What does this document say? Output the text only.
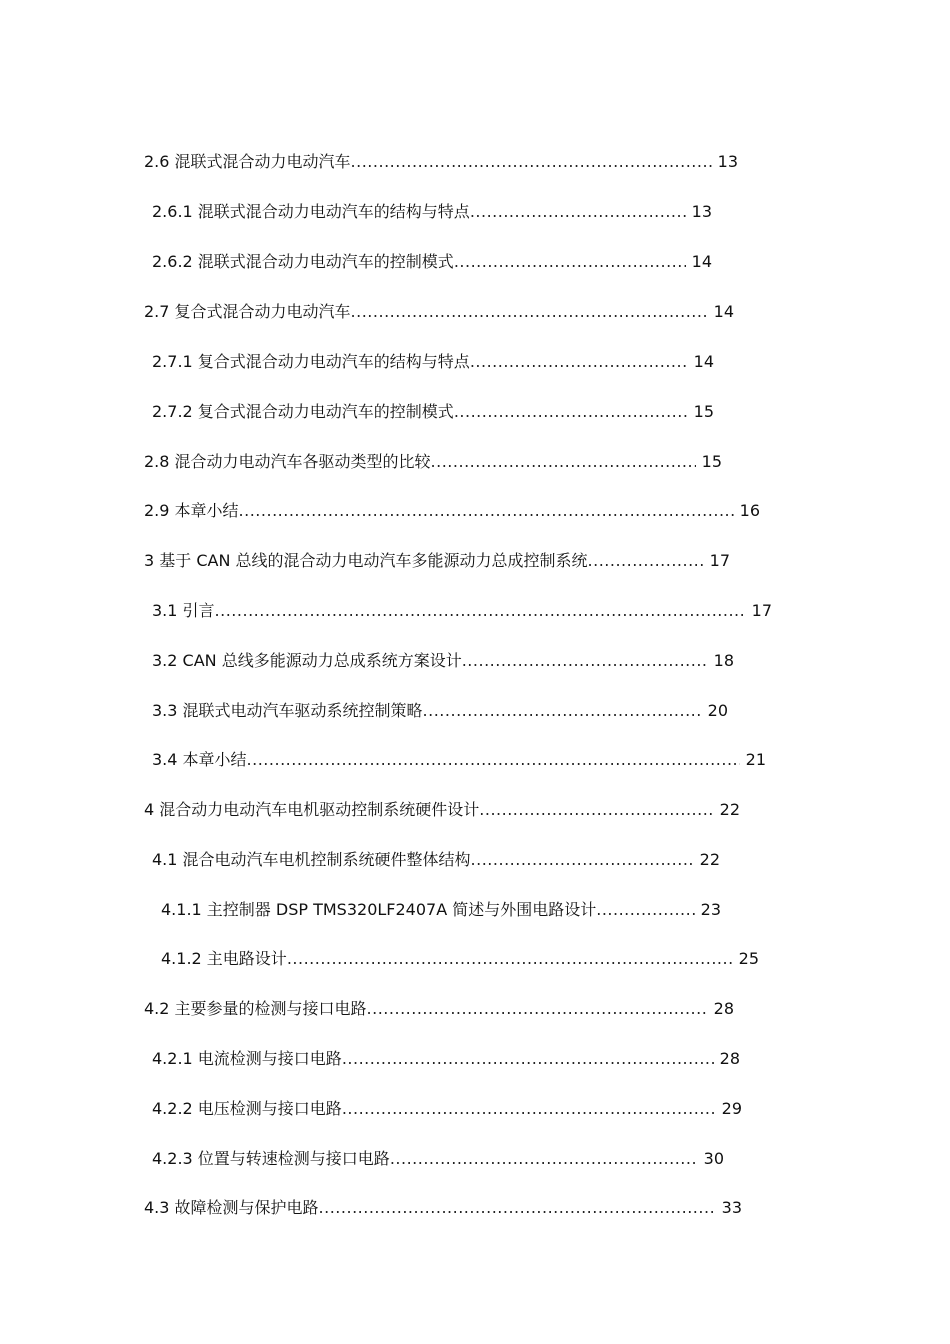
2.6 混联式混合动力电动汽车 .....	13
2.6.1 混联式混合动力电动汽车的结构与特点 .....	13
2.6.2 混联式混合动力电动汽车的控制模式 .....	14
2.7 复合式混合动力电动汽车 .....	14
2.7.1 复合式混合动力电动汽车的结构与特点 .....	14
2.7.2 复合式混合动力电动汽车的控制模式 .....	15
2.8 混合动力电动汽车各驱动类型的比较 .....	15
2.9 本章小结 .....	16
3 基于 CAN 总线的混合动力电动汽车多能源动力总成控制系统 .....	17
3.1 引言 .....	17
3.2 CAN 总线多能源动力总成系统方案设计 .....	18
3.3 混联式电动汽车驱动系统控制策略 .....	20
3.4 本章小结 .....	21
4 混合动力电动汽车电机驱动控制系统硬件设计 .....	22
4.1 混合电动汽车电机控制系统硬件整体结构 .....	22
4.1.1 主控制器 DSP TMS320LF2407A 简述与外围电路设计 .....	23
4.1.2 主电路设计 .....	25
4.2 主要参量的检测与接口电路 .....	28
4.2.1 电流检测与接口电路 .....	28
4.2.2 电压检测与接口电路 .....	29
4.2.3 位置与转速检测与接口电路 .....	30
4.3 故障检测与保护电路 .....	33
